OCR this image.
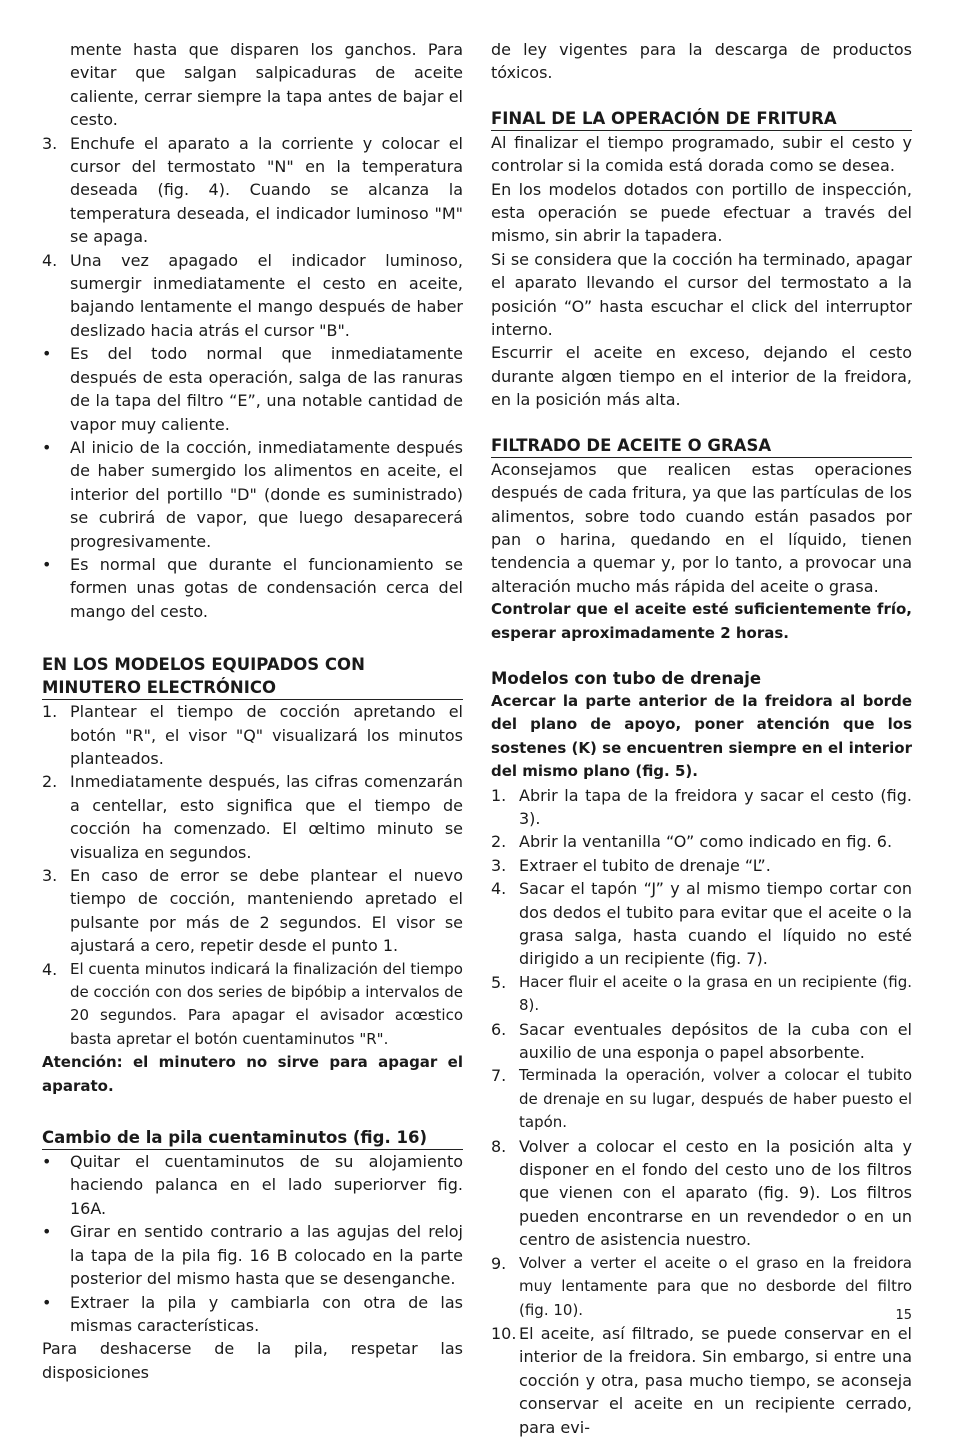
mente hasta que disparen los ganchos. Para evitar que salgan salpicaduras de aceite caliente, cerrar siempre la tapa antes de bajar el cesto.

3. Enchufe el aparato a la corriente y colocar el cursor del termostato "N" en la temperatura deseada (fig. 4). Cuando se alcanza la temperatura deseada, el indicador luminoso "M" se apaga.
4. Una vez apagado el indicador luminoso, sumergir inmediatamente el cesto en aceite, bajando lentamente el mango después de haber deslizado hacia atrás el cursor "B".
•	Es del todo normal que inmediatamente después de esta operación, salga de las ranuras de la tapa del filtro “E”, una notable cantidad de vapor muy caliente.
•	Al inicio de la cocción, inmediatamente después de haber sumergido los alimentos en aceite, el interior del portillo "D" (donde es suministrado) se cubrirá de vapor, que luego desaparecerá progresivamente.
•	Es normal que durante el funcionamiento se formen unas gotas de condensación cerca del mango del cesto.
EN LOS MODELOS EQUIPADOS CON MINUTERO ELECTRÓNICO
1. Plantear el tiempo de cocción apretando el botón "R", el visor "Q" visualizará los minutos planteados.
2. Inmediatamente después, las cifras comenzarán a centellar, esto significa que el tiempo de cocción ha comenzado. El œltimo minuto se visualiza en segundos.
3. En caso de error se debe plantear el nuevo tiempo de cocción, manteniendo apretado el pulsante por más de 2 segundos. El visor se ajustará a cero, repetir desde el punto 1.
4. El cuenta minutos indicará la finalización del tiempo de cocción con dos series de bipóbip a intervalos de 20 segundos. Para apagar el avisador acœstico basta apretar el botón cuentaminutos "R".

Atención: el minutero no sirve para apagar el aparato.

Cambio de la pila cuentaminutos (fig. 16)
•	Quitar el cuentaminutos de su alojamiento haciendo palanca en el lado superiorver fig. 16A.
•	Girar en sentido contrario a las agujas del reloj la tapa de la pila fig. 16 B colocado en la parte posterior del mismo hasta que se desenganche.
•	Extraer la pila y cambiarla con otra de las mismas características.

Para deshacerse de la pila, respetar las disposiciones

de ley vigentes para la descarga de productos tóxicos.

FINAL DE LA OPERACIÓN DE FRITURA

Al finalizar el tiempo programado, subir el cesto y controlar si la comida está dorada como se desea.

En los modelos dotados con portillo de inspección, esta operación se puede efectuar a través del mismo, sin abrir la tapadera.

Si se considera que la cocción ha terminado, apagar el aparato llevando el cursor del termostato a la posición “O” hasta escuchar el click del interruptor interno.

Escurrir el aceite en exceso, dejando el cesto durante algœn tiempo en el interior de la freidora, en la posición más alta.

FILTRADO DE ACEITE O GRASA

Aconsejamos que realicen estas operaciones después de cada fritura, ya que las partículas de los alimentos, sobre todo cuando están pasados por pan o harina, quedando en el líquido, tienen tendencia a quemar y, por lo tanto, a provocar una alteración mucho más rápida del aceite o grasa.

Controlar que el aceite esté suficientemente frío, esperar aproximadamente 2 horas.

Modelos con tubo de drenaje

Acercar la parte anterior de la freidora al borde del plano de apoyo, poner atención que los sostenes (K) se encuentren siempre en el interior del mismo plano (fig. 5).

1. Abrir la tapa de la freidora y sacar el cesto (fig. 3).
2. Abrir la ventanilla “O” como indicado en fig. 6.
3. Extraer el tubito de drenaje “L”.
4. Sacar el tapón “J” y al mismo tiempo cortar con dos dedos el tubito para evitar que el aceite o la grasa salga, hasta cuando el líquido no esté dirigido a un recipiente (fig. 7).
5. Hacer fluir el aceite o la grasa en un recipiente (fig. 8).
6. Sacar eventuales depósitos de la cuba con el auxilio de una esponja o papel absorbente.
7. Terminada la operación, volver a colocar el tubito de drenaje en su lugar, después de haber puesto el tapón.
8. Volver a colocar el cesto en la posición alta y disponer en el fondo del cesto uno de los filtros que vienen con el aparato (fig. 9). Los filtros pueden encontrarse en un revendedor o en un centro de asistencia nuestro.
9. Volver a verter el aceite o el graso en la freidora muy lentamente para que no desborde del filtro (fig. 10).
10. El aceite, así filtrado, se puede conservar en el interior de la freidora. Sin embargo, si entre una cocción y otra, pasa mucho tiempo, se aconseja conservar el aceite en un recipiente cerrado, para evi-
15
